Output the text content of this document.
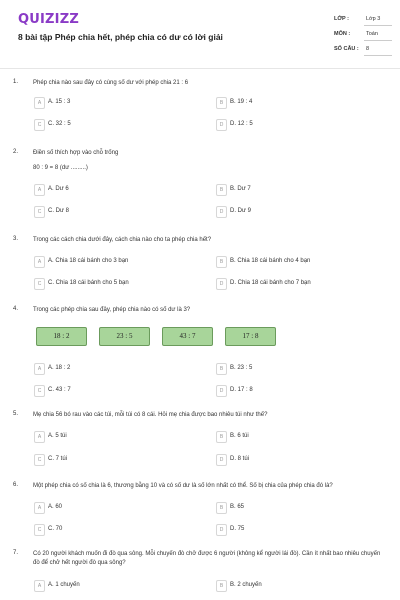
QUIZIZZ
8 bài tập Phép chia hết, phép chia có dư có lời giải
LỚP :	Lớp 3
MÔN :	Toán
SỐ CÂU : 8
1. Phép chia nào sau đây có cùng số dư với phép chia 21 : 6
A	A. 15 : 3	B	B. 19 : 4
C	C. 32 : 5	D	D. 12 : 5
2. Điền số thích hợp vào chỗ trống
80 : 9 = 8 (dư .........)
A	A. Dư 6	B	B. Dư 7
C	C. Dư 8	D	D. Dư 9
3. Trong các cách chia dưới đây, cách chia nào cho ta phép chia hết?
A	A. Chia 18 cái bánh cho 3 bạn	B	B. Chia 18 cái bánh cho 4 bạn
C	C. Chia 18 cái bánh cho 5 bạn	D	D. Chia 18 cái bánh cho 7 bạn
4. Trong các phép chia sau đây, phép chia nào có số dư là 3?
18 : 2	23 : 5	43 : 7	17 : 8
A	A. 18 : 2	B	B. 23 : 5
C	C. 43 : 7	D	D. 17 : 8
5. Mẹ chia 56 bó rau vào các túi, mỗi túi có 8 cái. Hỏi mẹ chia được bao nhiêu túi như thế?
A	A. 5 túi	B	B. 6 túi
C	C. 7 túi	D	D. 8 túi
6. Một phép chia có số chia là 6, thương bằng 10 và có số dư là số lớn nhất có thể. Số bị chia của phép chia đó là?
A	A. 60	B	B. 65
C	C. 70	D	D. 75
7. Có 20 người khách muốn đi đò qua sông. Mỗi chuyến đò chở được 6 người (không kể người lái đò). Cần ít nhất bao nhiêu chuyến đò để chở hết người đò qua sông?
A	A. 1 chuyến	B	B. 2 chuyến
